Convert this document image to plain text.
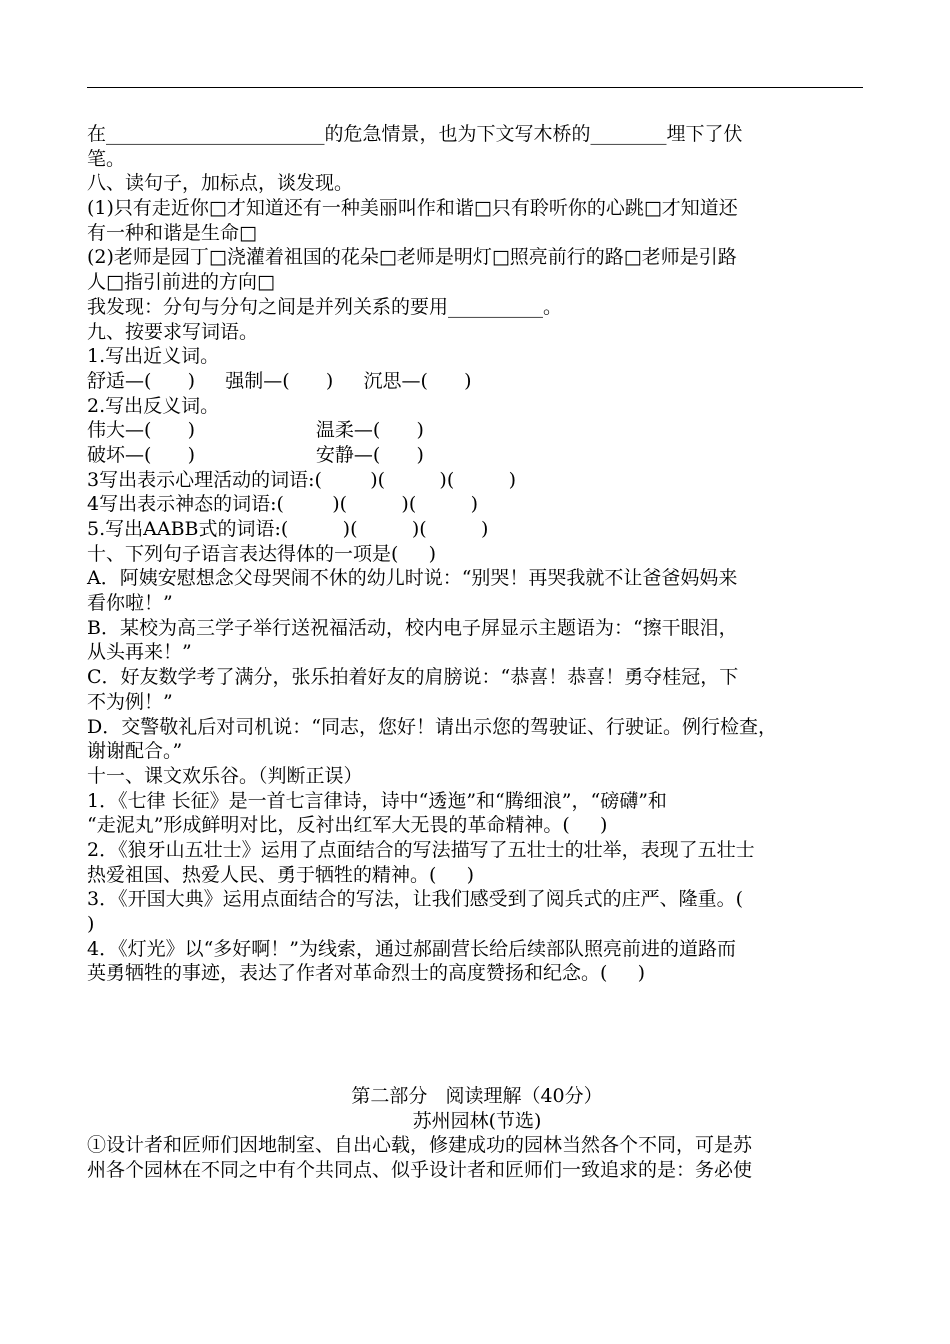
在_______________________的危急情景，也为下文写木桥的________埋下了伏
笔。
八、读句子，加标点，谈发现。
(1)只有走近你□才知道还有一种美丽叫作和谐□只有聆听你的心跳□才知道还
有一种和谐是生命□
(2)老师是园丁□浇灌着祖国的花朵□老师是明灯□照亮前行的路□老师是引路
人□指引前进的方向□
我发现：分句与分句之间是并列关系的要用__________。
九、按要求写词语。
1.写出近义词。
舒适—(      )     强制—(      )     沉思—(      )
2.写出反义词。
伟大—(      )                    温柔—(      )
破坏—(      )                    安静—(      )
3写出表示心理活动的词语:(        )(         )(         )
4写出表示神态的词语:(        )(         )(         )
5.写出AABB式的词语:(         )(         )(         )
十、下列句子语言表达得体的一项是(     )
A．阿姨安慰想念父母哭闹不休的幼儿时说：“别哭！再哭我就不让爸爸妈妈来
看你啦！”
B．某校为高三学子举行送祝福活动，校内电子屏显示主题语为：“擦干眼泪，
从头再来！”
C．好友数学考了满分，张乐拍着好友的肩膀说：“恭喜！恭喜！勇夺桂冠，下
不为例！”
D．交警敬礼后对司机说：“同志，您好！请出示您的驾驶证、行驶证。例行检查，
谢谢配合。”
十一、课文欢乐谷。（判断正误）
1．《七律 长征》是一首七言律诗，诗中“透迤”和“腾细浪”，“磅礴”和
“走泥丸”形成鲜明对比，反衬出红军大无畏的革命精神。(     )
2．《狼牙山五壮士》运用了点面结合的写法描写了五壮士的壮举，表现了五壮士
热爱祖国、热爱人民、勇于牺牲的精神。(     )
3．《开国大典》运用点面结合的写法，让我们感受到了阅兵式的庄严、隆重。(
)
4．《灯光》以“多好啊！”为线索，通过郝副营长给后续部队照亮前进的道路而
英勇牺牲的事迹，表达了作者对革命烈士的高度赞扬和纪念。(     )
第二部分   阅读理解（40分）
苏州园林(节选)
①设计者和匠师们因地制室、自出心载，修建成功的园林当然各个不同，可是苏
州各个园林在不同之中有个共同点、似乎设计者和匠师们一致追求的是：务必使
